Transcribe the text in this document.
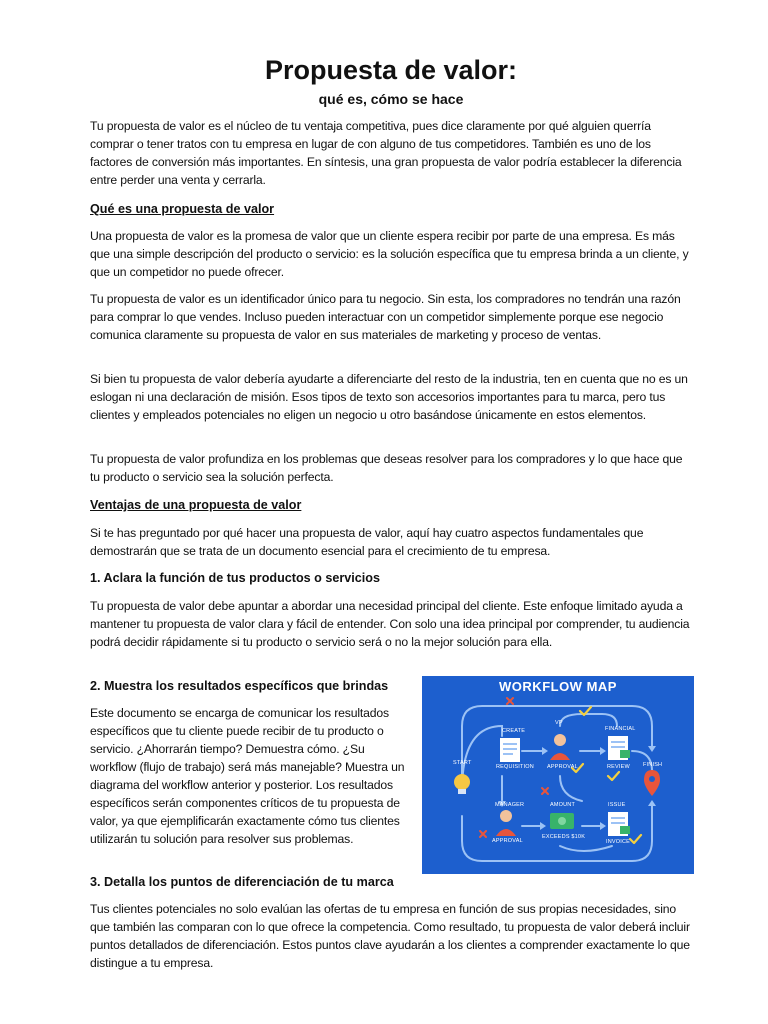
Propuesta de valor:
qué es, cómo se hace

Tu propuesta de valor es el núcleo de tu ventaja competitiva, pues dice claramente por qué alguien querría comprar o tener tratos con tu empresa en lugar de con alguno de tus competidores. También es uno de los factores de conversión más importantes. En síntesis, una gran propuesta de valor podría establecer la diferencia entre perder una venta y cerrarla.

Qué es una propuesta de valor

Una propuesta de valor es la promesa de valor que un cliente espera recibir por parte de una empresa. Es más que una simple descripción del producto o servicio: es la solución específica que tu empresa brinda a un cliente, y que un competidor no puede ofrecer.

Tu propuesta de valor es un identificador único para tu negocio. Sin esta, los compradores no tendrán una razón para comprar lo que vendes. Incluso pueden interactuar con un competidor simplemente porque ese negocio comunica claramente su propuesta de valor en sus materiales de marketing y proceso de ventas.

Si bien tu propuesta de valor debería ayudarte a diferenciarte del resto de la industria, ten en cuenta que no es un eslogan ni una declaración de misión. Esos tipos de texto son accesorios importantes para tu marca, pero tus clientes y empleados potenciales no eligen un negocio u otro basándose únicamente en estos elementos.

Tu propuesta de valor profundiza en los problemas que deseas resolver para los compradores y lo que hace que tu producto o servicio sea la solución perfecta.

Ventajas de una propuesta de valor

Si te has preguntado por qué hacer una propuesta de valor, aquí hay cuatro aspectos fundamentales que demostrarán que se trata de un documento esencial para el crecimiento de tu empresa.

1. Aclara la función de tus productos o servicios

Tu propuesta de valor debe apuntar a abordar una necesidad principal del cliente. Este enfoque limitado ayuda a mantener tu propuesta de valor clara y fácil de entender. Con solo una idea principal por comprender, tu audiencia podrá decidir rápidamente si tu producto o servicio será o no la mejor solución para ella.

2. Muestra los resultados específicos que brindas

Este documento se encarga de comunicar los resultados específicos que tu cliente puede recibir de tu producto o servicio. ¿Ahorrarán tiempo? Demuestra cómo. ¿Su workflow (flujo de trabajo) será más manejable? Muestra un diagrama del workflow anterior y posterior. Los resultados específicos serán componentes críticos de tu propuesta de valor, ya que ejemplificarán exactamente cómo tus clientes utilizarán tu solución para resolver sus problemas.

3. Detalla los puntos de diferenciación de tu marca

Tus clientes potenciales no solo evalúan las ofertas de tu empresa en función de sus propias necesidades, sino que también las comparan con lo que ofrece la competencia. Como resultado, tu propuesta de valor deberá incluir puntos detallados de diferenciación. Estos puntos clave ayudarán a los clientes a comprender exactamente lo que distingue a tu empresa.

WORKFLOW MAP
START
CREATE
REQUISITION
VP
APPROVAL
FINANCIAL
REVIEW FINISH
MANAGER
APPROVAL
AMOUNT
EXCEEDS $10K
ISSUE
INVOICE
